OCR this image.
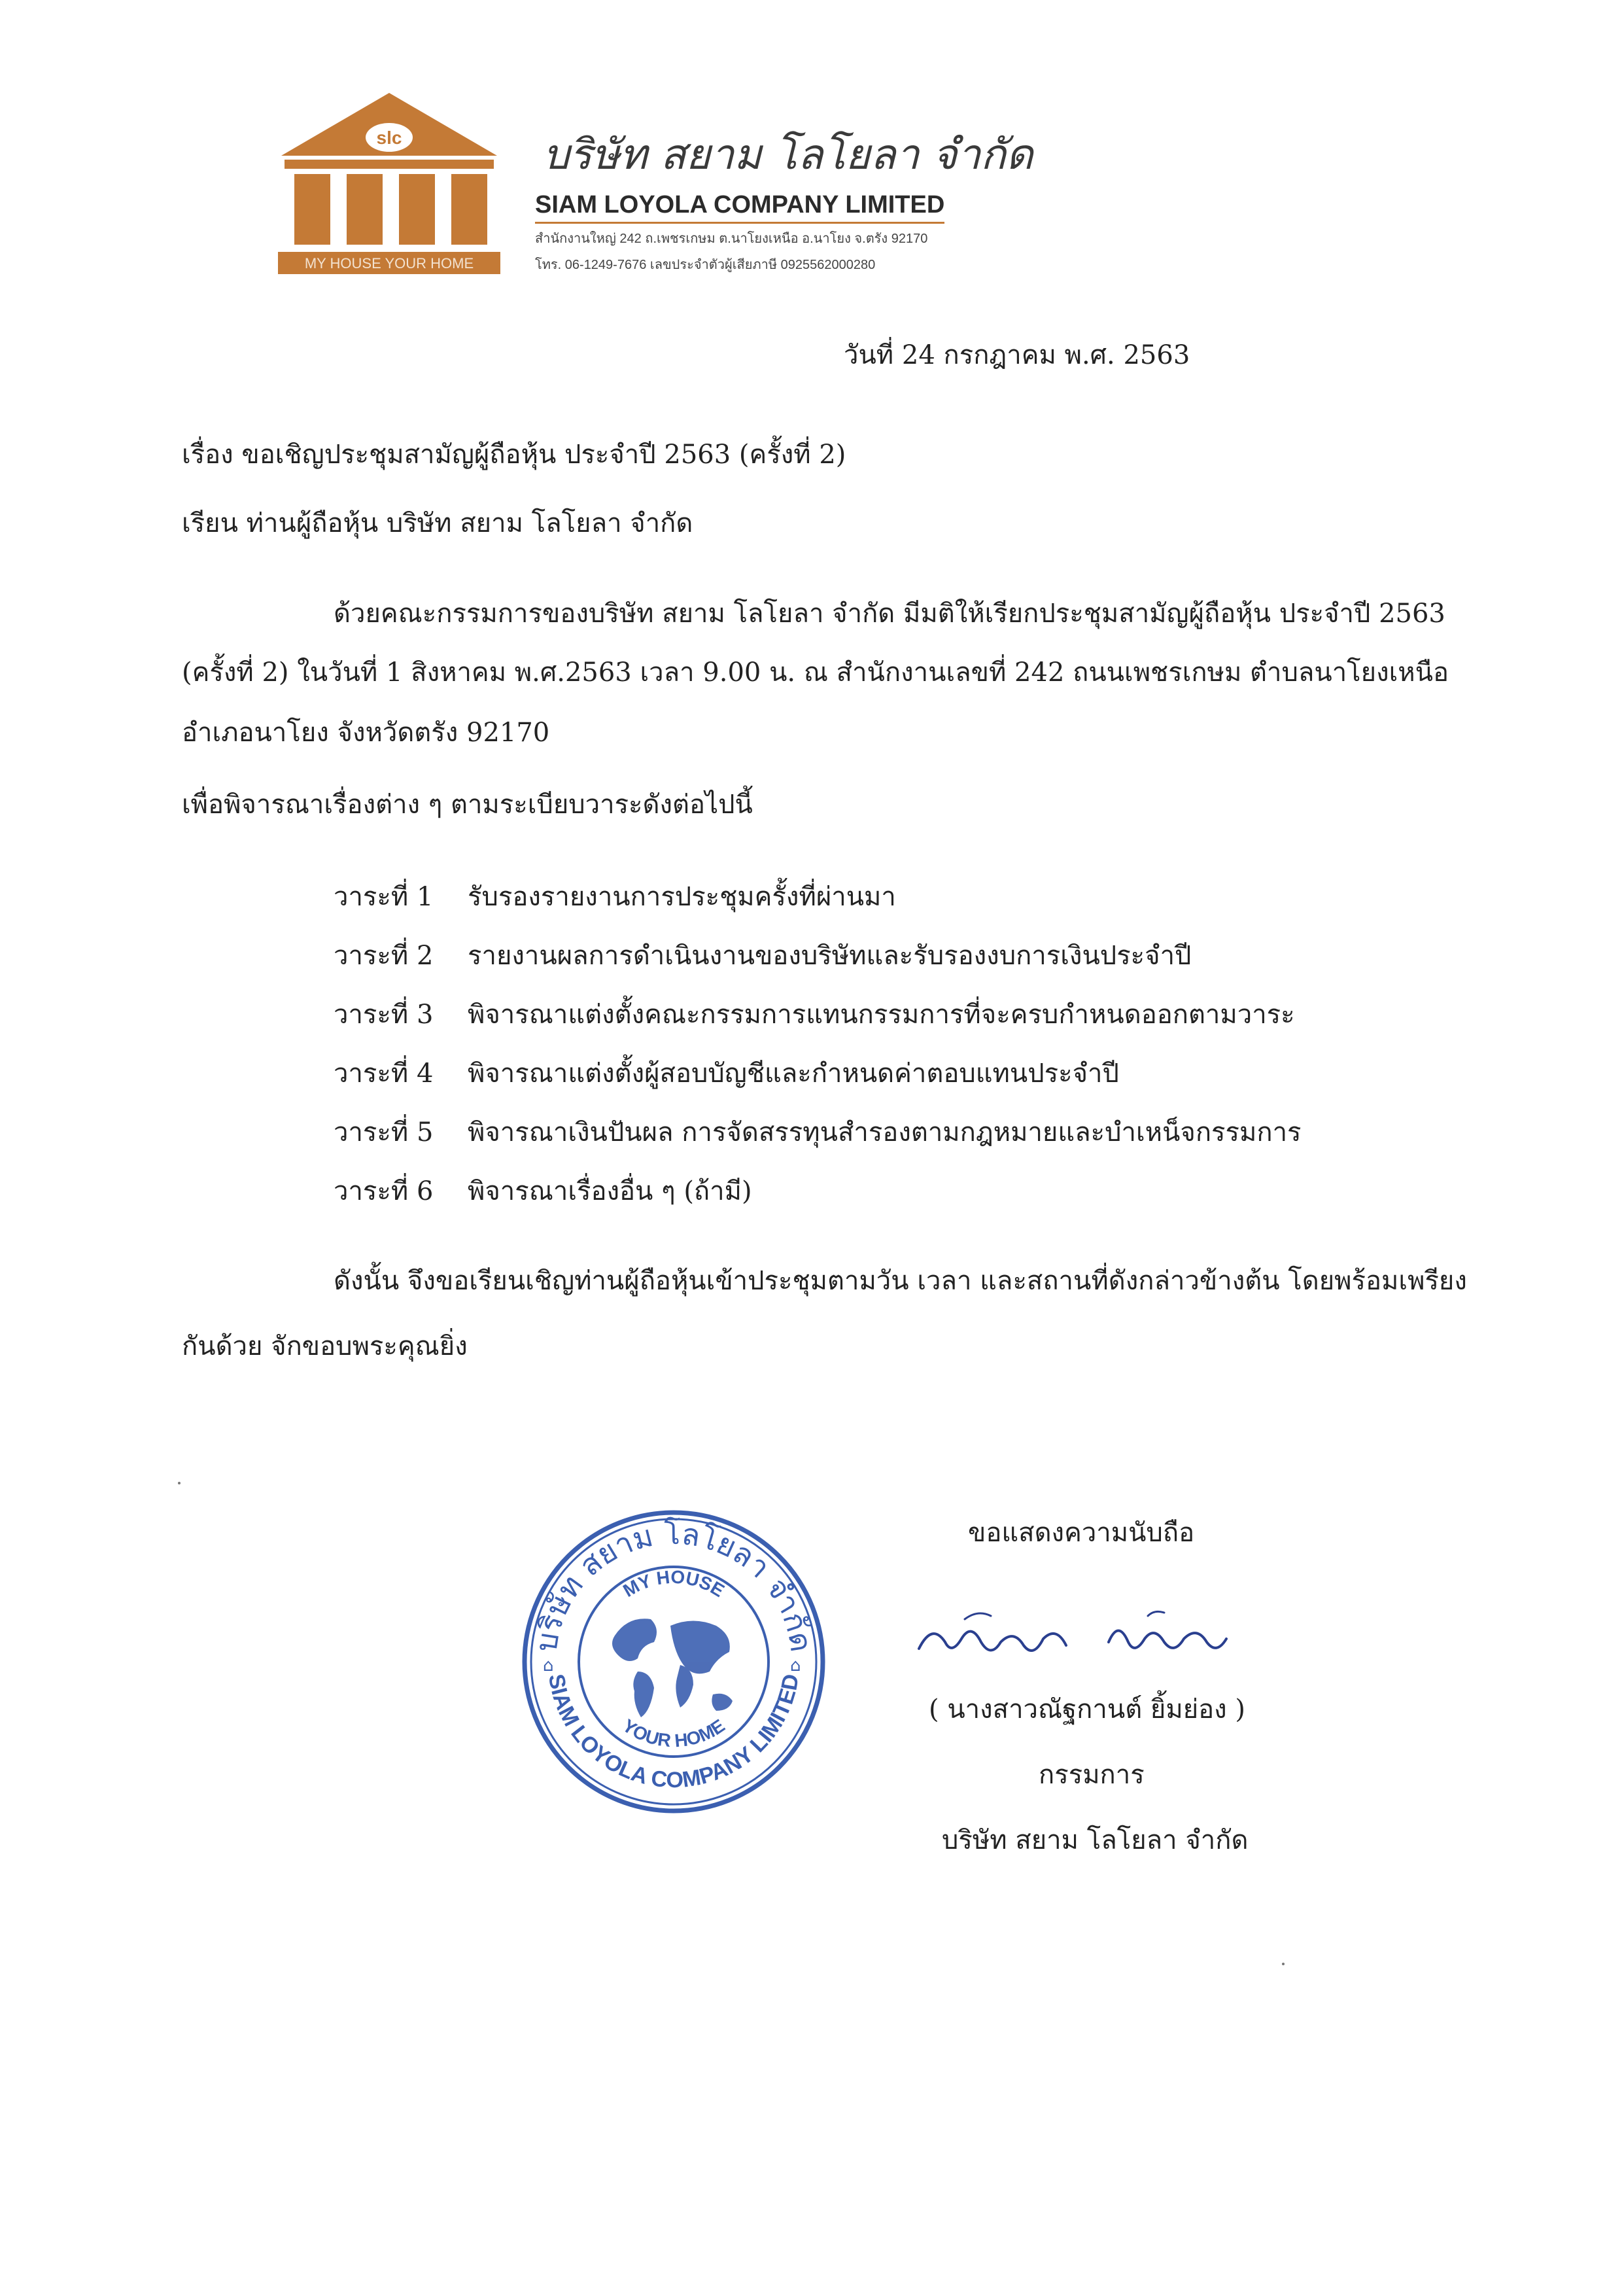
slc
MY HOUSE YOUR HOME
บริษัท สยาม โลโยลา จำกัด
SIAM LOYOLA COMPANY LIMITED
สำนักงานใหญ่ 242 ถ.เพชรเกษม ต.นาโยงเหนือ อ.นาโยง จ.ตรัง 92170
โทร. 06-1249-7676 เลขประจำตัวผู้เสียภาษี 0925562000280
วันที่ 24 กรกฎาคม พ.ศ. 2563
เรื่อง ขอเชิญประชุมสามัญผู้ถือหุ้น ประจำปี 2563 (ครั้งที่ 2)
เรียน ท่านผู้ถือหุ้น บริษัท สยาม โลโยลา จำกัด
ด้วยคณะกรรมการของบริษัท สยาม โลโยลา จำกัด มีมติให้เรียกประชุมสามัญผู้ถือหุ้น ประจำปี 2563
(ครั้งที่ 2) ในวันที่ 1 สิงหาคม พ.ศ.2563 เวลา 9.00 น. ณ สำนักงานเลขที่ 242 ถนนเพชรเกษม ตำบลนาโยงเหนือ
อำเภอนาโยง จังหวัดตรัง 92170
เพื่อพิจารณาเรื่องต่าง ๆ ตามระเบียบวาระดังต่อไปนี้
วาระที่ 1 รับรองรายงานการประชุมครั้งที่ผ่านมา
วาระที่ 2 รายงานผลการดำเนินงานของบริษัทและรับรองงบการเงินประจำปี
วาระที่ 3 พิจารณาแต่งตั้งคณะกรรมการแทนกรรมการที่จะครบกำหนดออกตามวาระ
วาระที่ 4 พิจารณาแต่งตั้งผู้สอบบัญชีและกำหนดค่าตอบแทนประจำปี
วาระที่ 5 พิจารณาเงินปันผล การจัดสรรทุนสำรองตามกฎหมายและบำเหน็จกรรมการ
วาระที่ 6 พิจารณาเรื่องอื่น ๆ (ถ้ามี)
ดังนั้น จึงขอเรียนเชิญท่านผู้ถือหุ้นเข้าประชุมตามวัน เวลา และสถานที่ดังกล่าวข้างต้น โดยพร้อมเพรียง
กันด้วย จักขอบพระคุณยิ่ง
บริษัท สยาม โลโยลา จำกัด
SIAM LOYOLA COMPANY LIMITED
MY HOUSE
YOUR HOME
⌂	⌂
ขอแสดงความนับถือ
( นางสาวณัฐกานต์ ยิ้มย่อง )
กรรมการ
บริษัท สยาม โลโยลา จำกัด
